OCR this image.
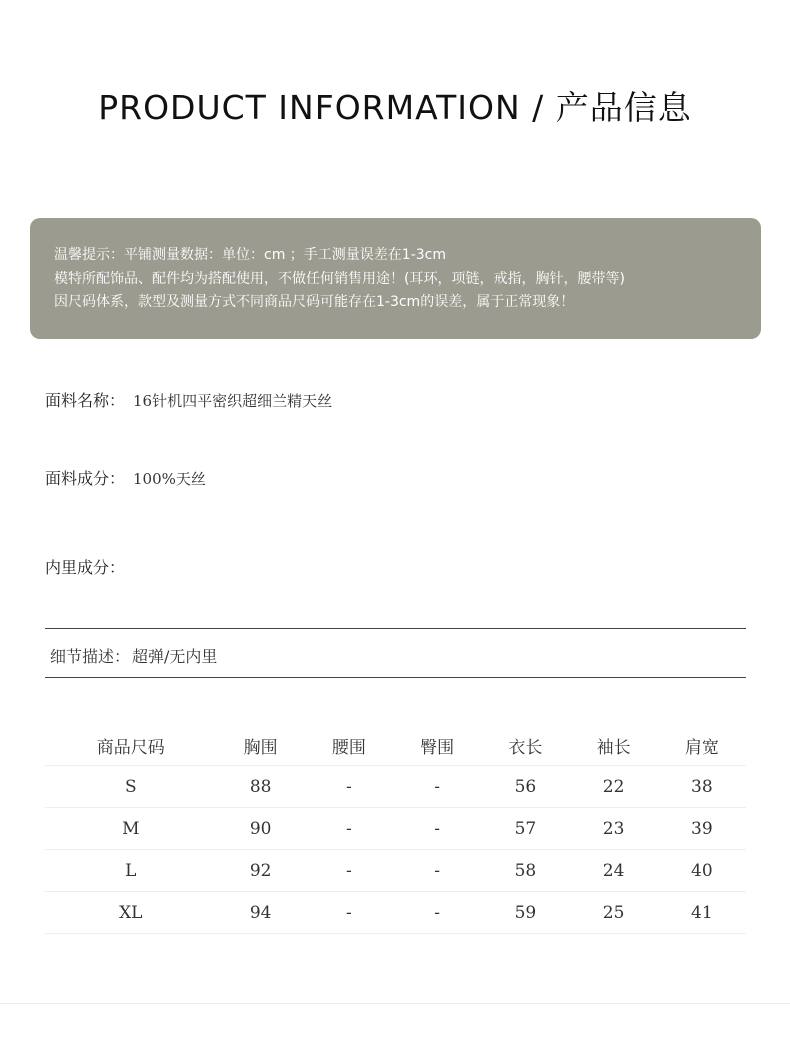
PRODUCT INFORMATION / 产品信息
温馨提示：平铺测量数据：单位：cm ；手工测量误差在1-3cm
模特所配饰品、配件均为搭配使用，不做任何销售用途！(耳环，项链，戒指，胸针，腰带等)
因尺码体系，款型及测量方式不同商品尺码可能存在1-3cm的误差，属于正常现象！
面料名称： 16针机四平密织超细兰精天丝
面料成分： 100%天丝
内里成分：
细节描述： 超弹/无内里
商品尺码	胸围	腰围	臀围	衣长	袖长	肩宽
S	88	-	-	56	22	38
M	90	-	-	57	23	39
L	92	-	-	58	24	40
XL	94	-	-	59	25	41
